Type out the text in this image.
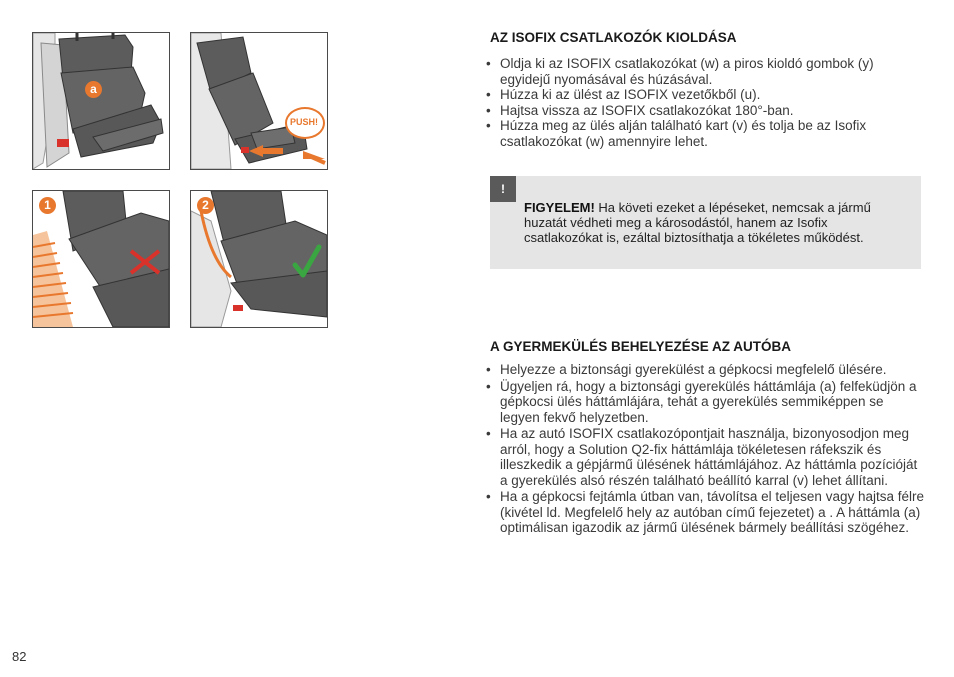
a
PUSH!
1	2
AZ ISOFIX CSATLAKOZÓK KIOLDÁSA
• Oldja ki az ISOFIX csatlakozókat (w) a piros kioldó gombok (y) egyidejű nyomásával és húzásával.
• Húzza ki az ülést az ISOFIX vezetőkből (u).
• Hajtsa vissza az ISOFIX csatlakozókat 180°-ban.
• Húzza meg az ülés alján található kart (v) és tolja be az Isofix csatlakozókat (w) amennyire lehet.
!
FIGYELEM! Ha követi ezeket a lépéseket, nemcsak a jármű huzatát védheti meg a károsodástól, hanem az Isofix csatlakozókat is, ezáltal biztosíthatja a tökéletes működést.
A GYERMEKÜLÉS BEHELYEZÉSE AZ AUTÓBA
• Helyezze a biztonsági gyerekülést a gépkocsi megfelelő ülésére.
• Ügyeljen rá, hogy a biztonsági gyerekülés háttámlája (a) felfeküdjön a gépkocsi ülés háttámlájára, tehát a gyerekülés semmiképpen se legyen fekvő helyzetben.
• Ha az autó ISOFIX csatlakozópontjait használja, bizonyosodjon meg arról, hogy a Solution Q2-fix háttámlája tökéletesen ráfekszik és illeszkedik a gépjármű ülésének háttámlájához. Az háttámla pozícióját a gyerekülés alsó részén található beállító karral (v) lehet állítani.
• Ha a gépkocsi fejtámla útban van, távolítsa el teljesen vagy hajtsa félre (kivétel ld. Megfelelő hely az autóban című fejezetet) a . A háttámla (a) optimálisan igazodik az jármű ülésének bármely beállítási szögéhez.
82
